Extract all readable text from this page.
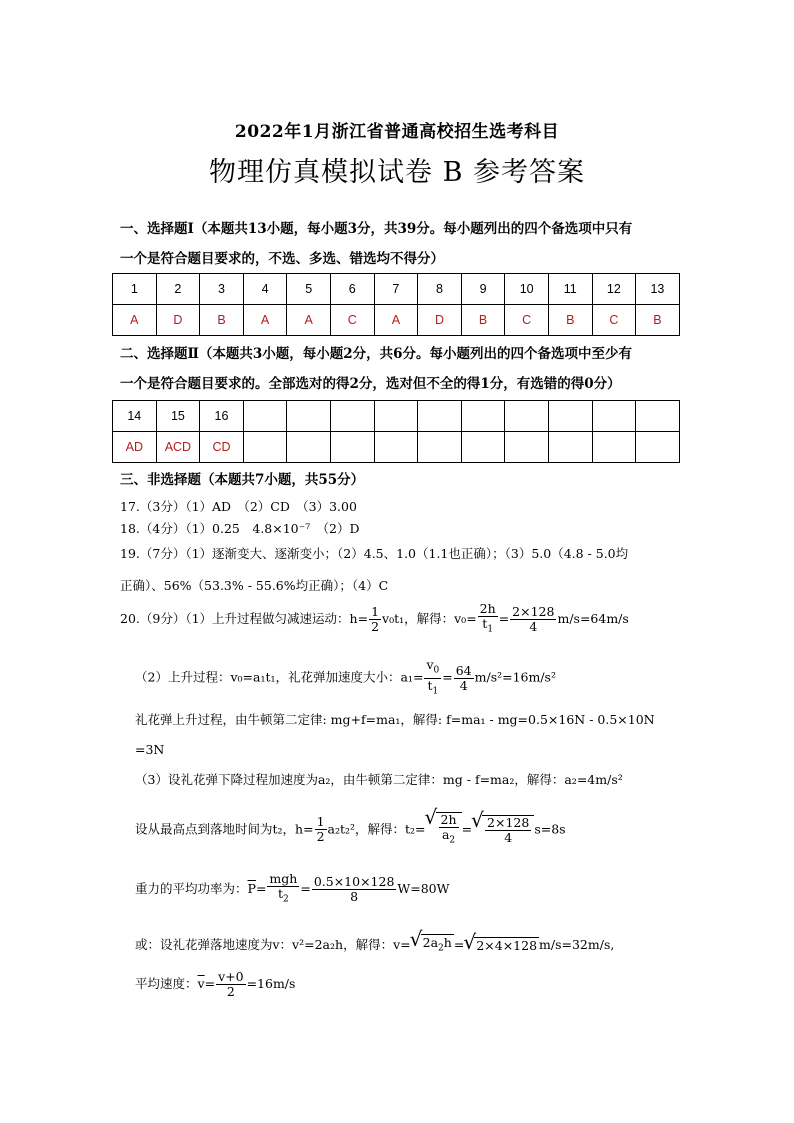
2022年1月浙江省普通高校招生选考科目
物理仿真模拟试卷 B 参考答案
一、选择题Ⅰ（本题共13小题，每小题3分，共39分。每小题列出的四个备选项中只有
一个是符合题目要求的，不选、多选、错选均不得分）
1	2	3	4	5	6	7	8	9	10	11	12	13
A	D	B	A	A	C	A	D	B	C	B	C	B
二、选择题Ⅱ（本题共3小题，每小题2分，共6分。每小题列出的四个备选项中至少有
一个是符合题目要求的。全部选对的得2分，选对但不全的得1分，有选错的得0分）
14	15	16										
AD	ACD	CD										
三、非选择题（本题共7小题，共55分）
17.（3分）（1）AD　（2）CD　（3）3.00
18.（4分）（1）0.25　4.8×10⁻⁷　（2）D
19.（7分）（1）逐渐变大、逐渐变小；（2）4.5、1.0（1.1也正确）；（3）5.0（4.8 - 5.0均
正确）、56%（53.3% - 55.6%均正确）；（4）C
20.（9分）（1）上升过程做匀减速运动：$h= \frac{1}{2} v_0t_1$，解得：$v_0= \frac{2h}{t_1} = \frac{2\times 128}{4} m/s=64m/s$
（2）上升过程：v₀=a₁t₁，礼花弹加速度大小：$a_1= \frac{v_0}{t_1} = \frac{64}{4} m/s^2=16m/s^2$
礼花弹上升过程，由牛顿第二定律: mg+f=ma₁，解得: f=ma₁ - mg=0.5×16N - 0.5×10N
=3N
（3）设礼花弹下降过程加速度为a₂，由牛顿第二定律：mg - f=ma₂，解得：a₂=4m/s²
设从最高点到落地时间为t₂，$h= \frac{1}{2} a_2t_2^2$，解得：t₂= √ $\frac{2h}{a_2}$ = √ $\frac{2\times 128}{4} s=8s$
重力的平均功率为：$\overline{P}= \frac{\text{mgh}}{t_2} = \frac{0.5\times 10\times 128}{8} W=80W$
或：设礼花弹落地速度为v：v²=2a₂h，解得：v= √ $2a_2h$ = √ 2×4×128 m/s=32m/s,
平均速度：$\overline{v}= \frac{v+0}{2} =16m/s$
